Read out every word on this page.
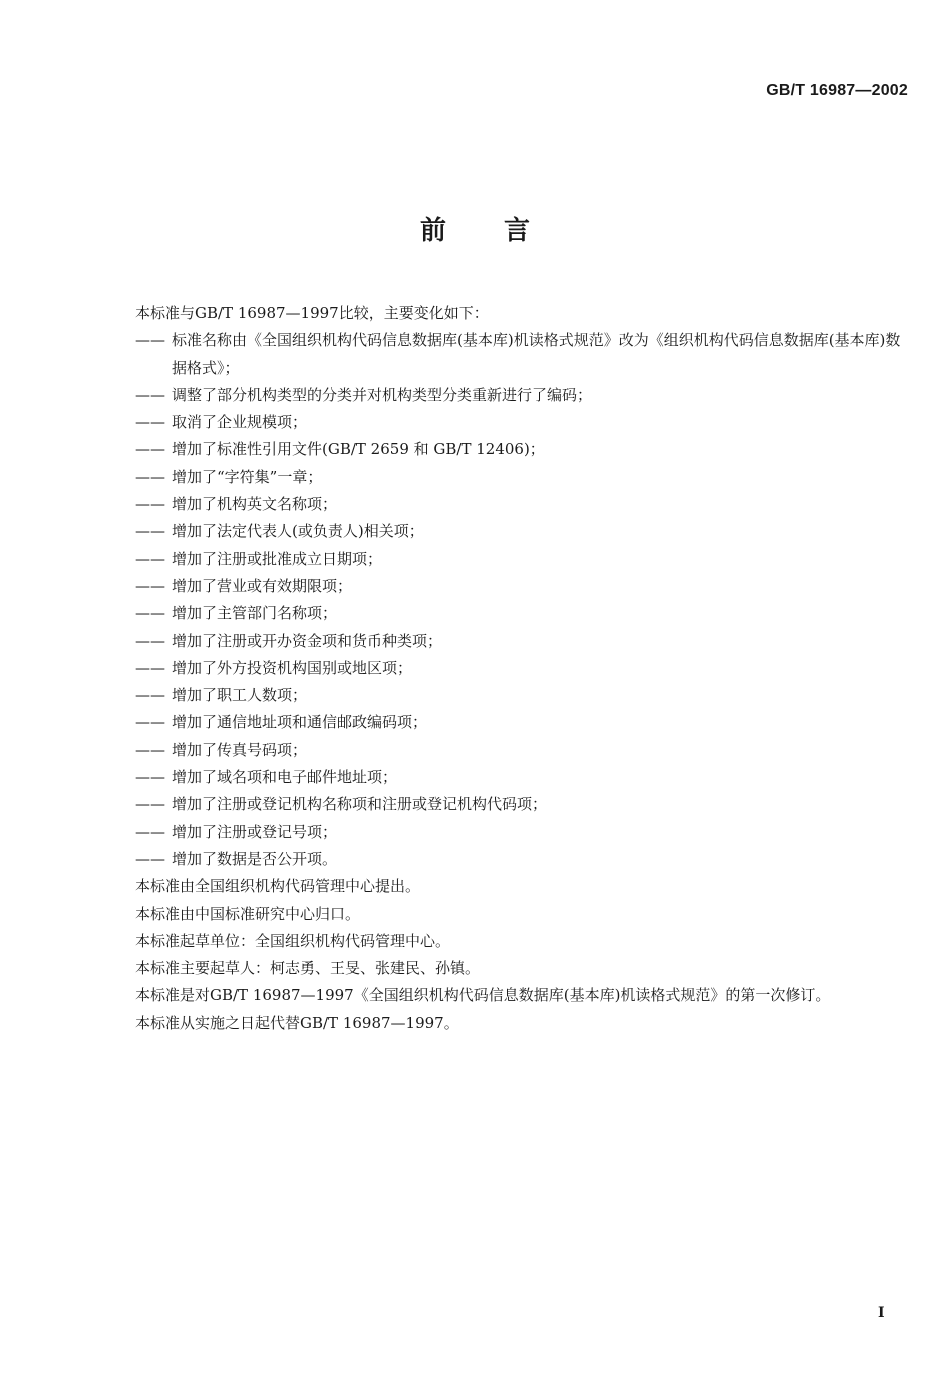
GB/T 16987—2002
前言
本标准与GB/T 16987—1997比较，主要变化如下：
—— 标准名称由《全国组织机构代码信息数据库(基本库)机读格式规范》改为《组织机构代码信息数据库(基本库)数据格式》；
—— 调整了部分机构类型的分类并对机构类型分类重新进行了编码；
—— 取消了企业规模项；
—— 增加了标准性引用文件(GB/T 2659 和 GB/T 12406)；
—— 增加了“字符集”一章；
—— 增加了机构英文名称项；
—— 增加了法定代表人(或负责人)相关项；
—— 增加了注册或批准成立日期项；
—— 增加了营业或有效期限项；
—— 增加了主管部门名称项；
—— 增加了注册或开办资金项和货币种类项；
—— 增加了外方投资机构国别或地区项；
—— 增加了职工人数项；
—— 增加了通信地址项和通信邮政编码项；
—— 增加了传真号码项；
—— 增加了域名项和电子邮件地址项；
—— 增加了注册或登记机构名称项和注册或登记机构代码项；
—— 增加了注册或登记号项；
—— 增加了数据是否公开项。
本标准由全国组织机构代码管理中心提出。
本标准由中国标准研究中心归口。
本标准起草单位：全国组织机构代码管理中心。
本标准主要起草人：柯志勇、王旻、张建民、孙镇。
本标准是对GB/T 16987—1997《全国组织机构代码信息数据库(基本库)机读格式规范》的第一次修订。
本标准从实施之日起代替GB/T 16987—1997。
Ⅰ
